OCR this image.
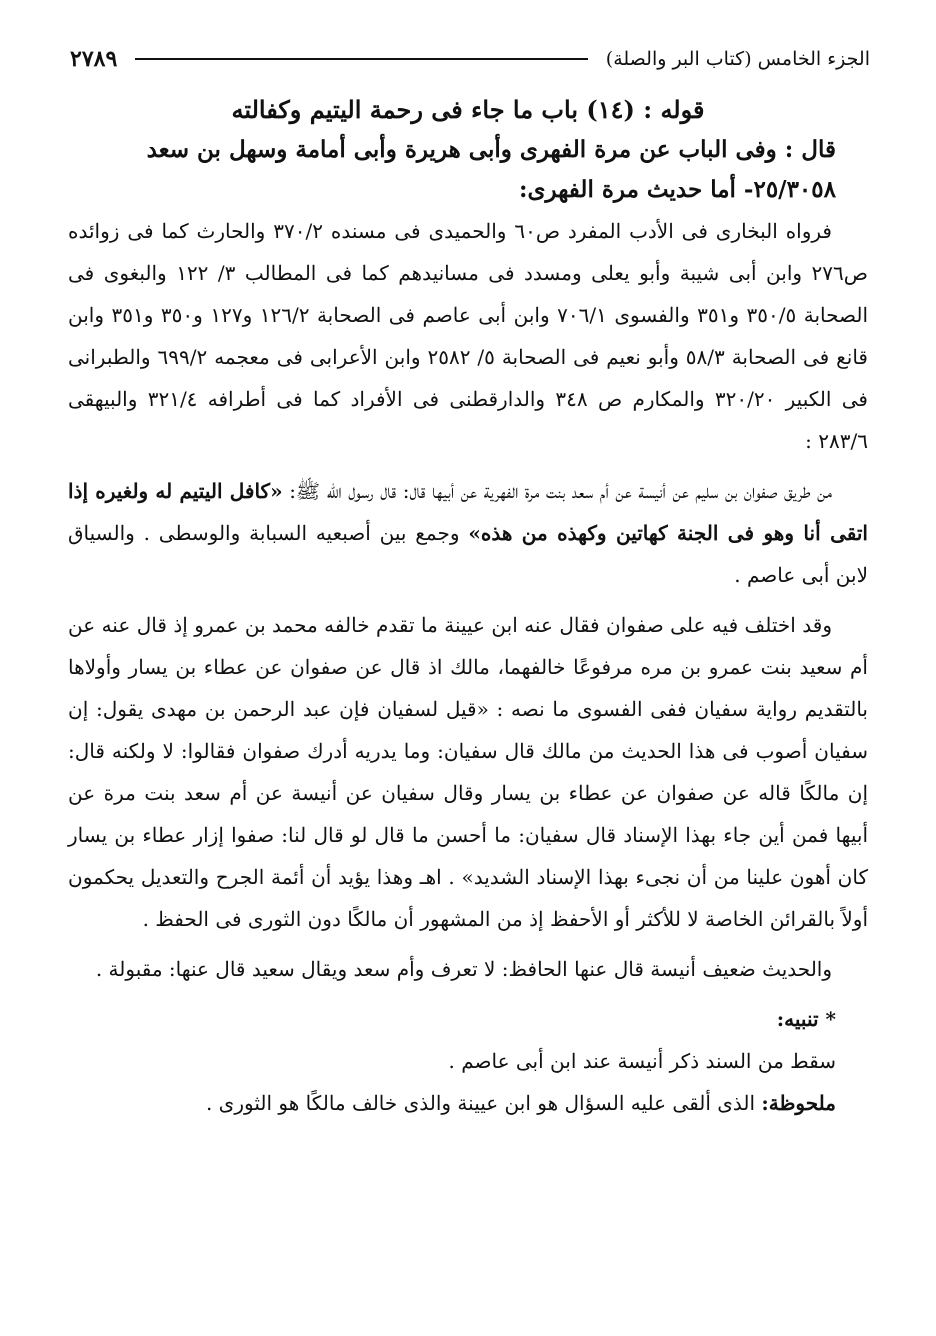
الجزء الخامس (كتاب البر والصلة)
٢٧٨٩

قوله : (١٤) باب ما جاء فى رحمة اليتيم وكفالته

قال : وفى الباب عن مرة الفهرى وأبى هريرة وأبى أمامة وسهل بن سعد

٢٥/٣٠٥٨- أما حديث مرة الفهرى:

فرواه البخارى فى الأدب المفرد ص٦٠ والحميدى فى مسنده ٣٧٠/٢ والحارث كما فى زوائده ص٢٧٦ وابن أبى شيبة وأبو يعلى ومسدد فى مسانيدهم كما فى المطالب ٣/ ١٢٢ والبغوى فى الصحابة ٣٥٠/٥ و٣٥١ والفسوى ٧٠٦/١ وابن أبى عاصم فى الصحابة ١٢٦/٢ و١٢٧ و٣٥٠ و٣٥١ وابن قانع فى الصحابة ٥٨/٣ وأبو نعيم فى الصحابة ٥/ ٢٥٨٢ وابن الأعرابى فى معجمه ٦٩٩/٢ والطبرانى فى الكبير ٣٢٠/٢٠ والمكارم ص ٣٤٨ والدارقطنى فى الأفراد كما فى أطرافه ٣٢١/٤ والبيهقى ٢٨٣/٦ :

من طريق صفوان بن سليم عن أنيسة عن أم سعد بنت مرة الفهرية عن أبيها قال: قال رسول الله ﷺ: «كافل اليتيم له ولغيره إذا اتقى أنا وهو فى الجنة كهاتين وكهذه من هذه» وجمع بين أصبعيه السبابة والوسطى . والسياق لابن أبى عاصم .

وقد اختلف فيه على صفوان فقال عنه ابن عيينة ما تقدم خالفه محمد بن عمرو إذ قال عنه عن أم سعيد بنت عمرو بن مره مرفوعًا خالفهما، مالك اذ قال عن صفوان عن عطاء بن يسار وأولاها بالتقديم رواية سفيان ففى الفسوى ما نصه : «قيل لسفيان فإن عبد الرحمن بن مهدى يقول: إن سفيان أصوب فى هذا الحديث من مالك قال سفيان: وما يدريه أدرك صفوان فقالوا: لا ولكنه قال: إن مالكًا قاله عن صفوان عن عطاء بن يسار وقال سفيان عن أنيسة عن أم سعد بنت مرة عن أبيها فمن أين جاء بهذا الإسناد قال سفيان: ما أحسن ما قال لو قال لنا: صفوا إزار عطاء بن يسار كان أهون علينا من أن نجىء بهذا الإسناد الشديد» . اهـ وهذا يؤيد أن أئمة الجرح والتعديل يحكمون أولاً بالقرائن الخاصة لا للأكثر أو الأحفظ إذ من المشهور أن مالكًا دون الثورى فى الحفظ .

والحديث ضعيف أنيسة قال عنها الحافظ: لا تعرف وأم سعد ويقال سعيد قال عنها: مقبولة .

* تنبيه:

سقط من السند ذكر أنيسة عند ابن أبى عاصم .

ملحوظة: الذى ألقى عليه السؤال هو ابن عيينة والذى خالف مالكًا هو الثورى .
